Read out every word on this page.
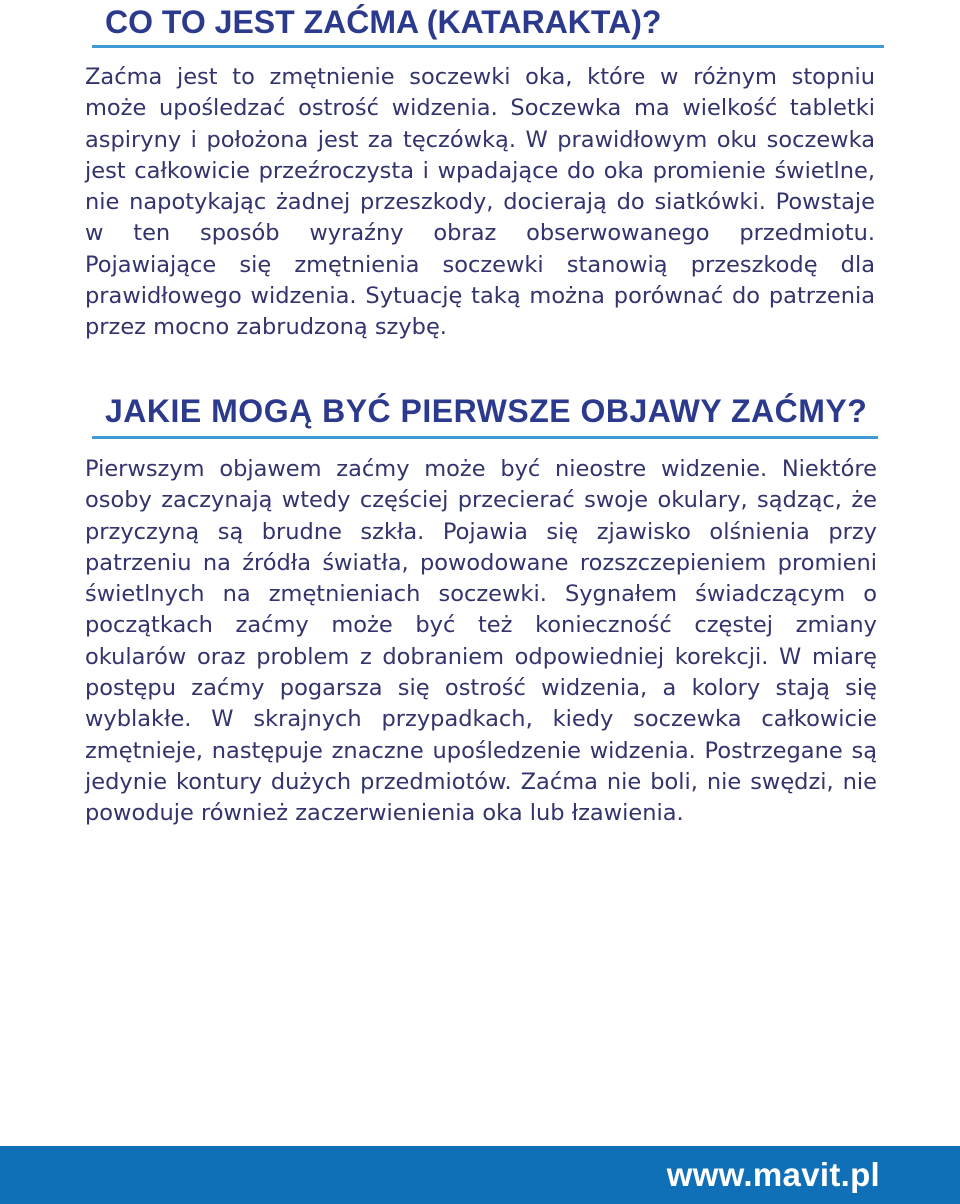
CO TO JEST ZAĆMA (KATARAKTA)?

Zaćma jest to zmętnienie soczewki oka, które w różnym stopniu może upośledzać ostrość widzenia. Soczewka ma wielkość tabletki aspiryny i położona jest za tęczówką. W prawidłowym oku soczewka jest całkowicie przeźroczysta i wpadające do oka promienie świetlne, nie napotykając żadnej przeszkody, docierają do siatkówki. Powstaje w ten sposób wyraźny obraz obserwowanego przedmiotu. Pojawiające się zmętnienia soczewki stanowią przeszkodę dla prawidłowego widzenia. Sytuację taką można porównać do patrzenia przez mocno zabrudzoną szybę.

JAKIE MOGĄ BYĆ PIERWSZE OBJAWY ZAĆMY?

Pierwszym objawem zaćmy może być nieostre widzenie. Niektóre osoby zaczynają wtedy częściej przecierać swoje okulary, sądząc, że przyczyną są brudne szkła. Pojawia się zjawisko olśnienia przy patrzeniu na źródła światła, powodowane rozszczepieniem promieni świetlnych na zmętnieniach soczewki. Sygnałem świadczącym o początkach zaćmy może być też konieczność częstej zmiany okularów oraz problem z dobraniem odpowiedniej korekcji. W miarę postępu zaćmy pogarsza się ostrość widzenia, a kolory stają się wyblakłe. W skrajnych przypadkach, kiedy soczewka całkowicie zmętnieje, następuje znaczne upośledzenie widzenia. Postrzegane są jedynie kontury dużych przedmiotów. Zaćma nie boli, nie swędzi, nie powoduje również zaczerwienienia oka lub łzawienia.

www.mavit.pl
